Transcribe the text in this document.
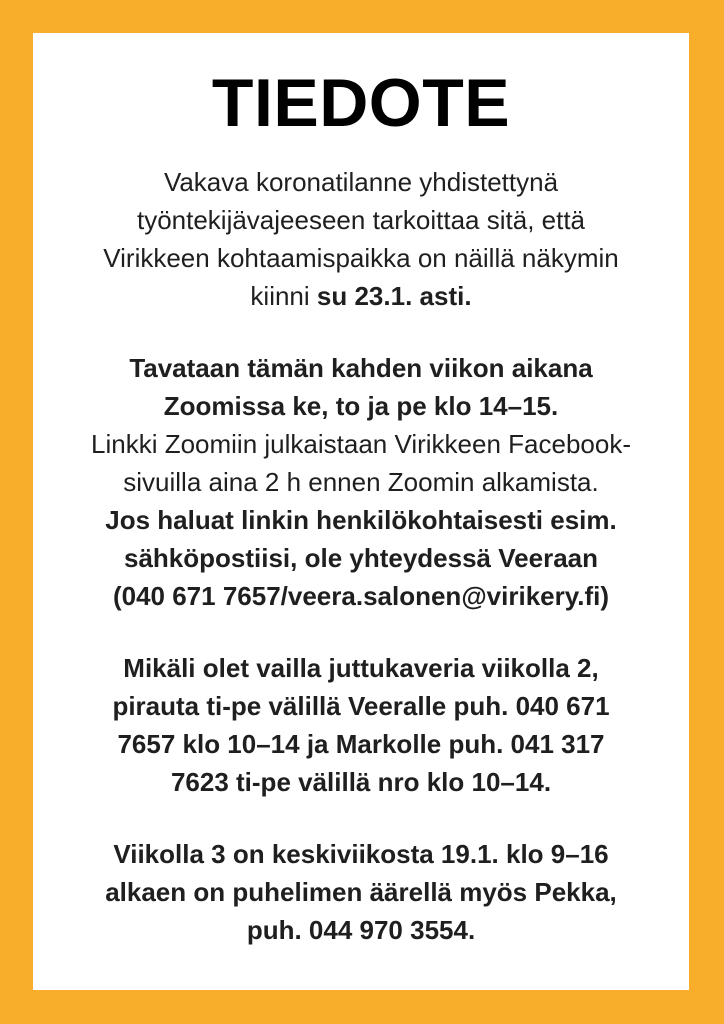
TIEDOTE

Vakava koronatilanne yhdistettynä
työntekijävajeeseen tarkoittaa sitä, että
Virikkeen kohtaamispaikka on näillä näkymin
kiinni su 23.1. asti.

Tavataan tämän kahden viikon aikana
Zoomissa ke, to ja pe klo 14–15.
Linkki Zoomiin julkaistaan Virikkeen Facebook-
sivuilla aina 2 h ennen Zoomin alkamista.
Jos haluat linkin henkilökohtaisesti esim.
sähköpostiisi, ole yhteydessä Veeraan
(040 671 7657/veera.salonen@virikery.fi)

Mikäli olet vailla juttukaveria viikolla 2,
pirauta ti-pe välillä Veeralle puh. 040 671
7657 klo 10–14 ja Markolle puh. 041 317
7623 ti-pe välillä nro klo 10–14.

Viikolla 3 on keskiviikosta 19.1. klo 9–16
alkaen on puhelimen äärellä myös Pekka,
puh. 044 970 3554.
